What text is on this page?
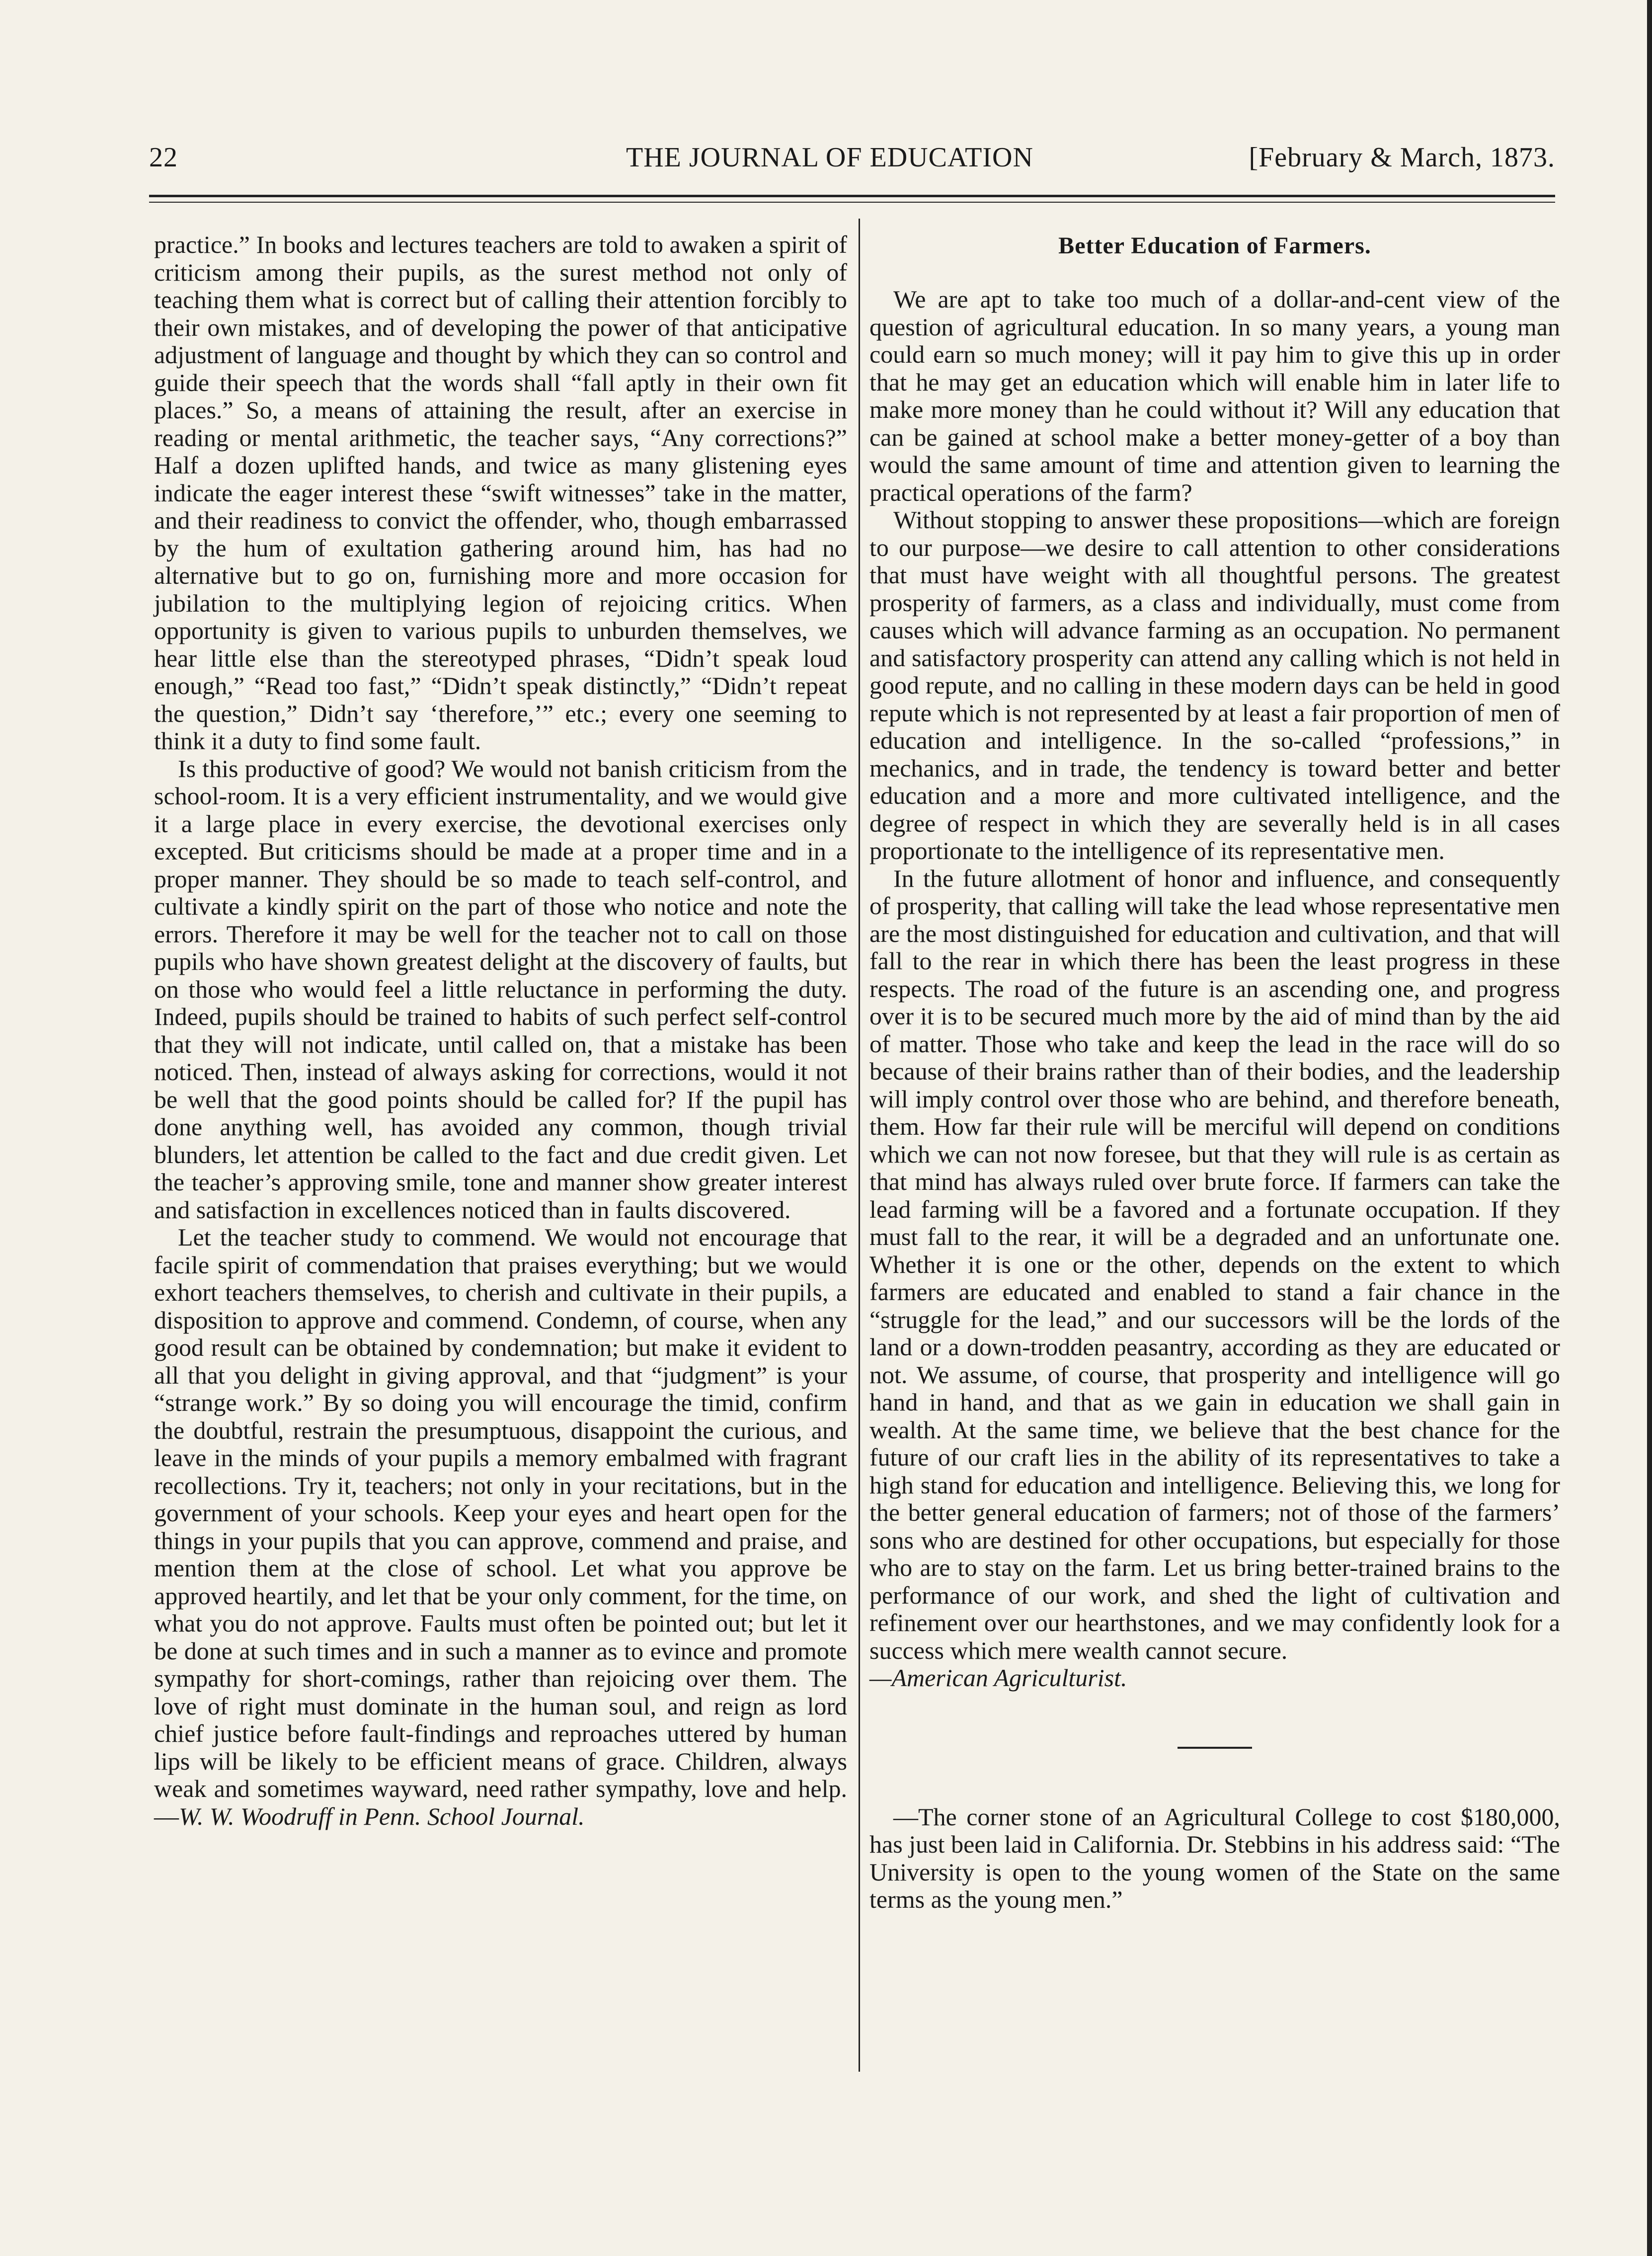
22	THE JOURNAL OF EDUCATION	[February & March, 1873.

practice.” In books and lectures teachers are told to awaken a spirit of criticism among their pupils, as the surest method not only of teaching them what is correct but of calling their attention forcibly to their own mistakes, and of developing the power of that anticipative adjustment of language and thought by which they can so control and guide their speech that the words shall “fall aptly in their own fit places.” So, a means of attaining the result, after an exercise in reading or mental arithmetic, the teacher says, “Any corrections?” Half a dozen uplifted hands, and twice as many glistening eyes indicate the eager interest these “swift witnesses” take in the matter, and their readiness to convict the offender, who, though embarrassed by the hum of exultation gathering around him, has had no alternative but to go on, furnishing more and more occasion for jubilation to the multiplying legion of rejoicing critics. When opportunity is given to various pupils to unburden themselves, we hear little else than the stereotyped phrases, “Didn’t speak loud enough,” “Read too fast,” “Didn’t speak distinctly,” “Didn’t repeat the question,” Didn’t say ‘therefore,’” etc.; every one seeming to think it a duty to find some fault.

Is this productive of good? We would not banish criticism from the school-room. It is a very efficient instrumentality, and we would give it a large place in every exercise, the devotional exercises only excepted. But criticisms should be made at a proper time and in a proper manner. They should be so made to teach self-control, and cultivate a kindly spirit on the part of those who notice and note the errors. Therefore it may be well for the teacher not to call on those pupils who have shown greatest delight at the discovery of faults, but on those who would feel a little reluctance in performing the duty. Indeed, pupils should be trained to habits of such perfect self-control that they will not indicate, until called on, that a mistake has been noticed. Then, instead of always asking for corrections, would it not be well that the good points should be called for? If the pupil has done anything well, has avoided any common, though trivial blunders, let attention be called to the fact and due credit given. Let the teacher’s approving smile, tone and manner show greater interest and satisfaction in excellences noticed than in faults discovered.

Let the teacher study to commend. We would not encourage that facile spirit of commendation that praises everything; but we would exhort teachers themselves, to cherish and cultivate in their pupils, a disposition to approve and commend. Condemn, of course, when any good result can be obtained by condemnation; but make it evident to all that you delight in giving approval, and that “judgment” is your “strange work.” By so doing you will encourage the timid, confirm the doubtful, restrain the presumptuous, disappoint the curious, and leave in the minds of your pupils a memory embalmed with fragrant recollections. Try it, teachers; not only in your recitations, but in the government of your schools. Keep your eyes and heart open for the things in your pupils that you can approve, commend and praise, and mention them at the close of school. Let what you approve be approved heartily, and let that be your only comment, for the time, on what you do not approve. Faults must often be pointed out; but let it be done at such times and in such a manner as to evince and promote sympathy for short-comings, rather than rejoicing over them. The love of right must dominate in the human soul, and reign as lord chief justice before fault-findings and reproaches uttered by human lips will be likely to be efficient means of grace. Children, always weak and sometimes wayward, need rather sympathy, love and help.—W. W. Woodruff in Penn. School Journal.

Better Education of Farmers.

We are apt to take too much of a dollar-and-cent view of the question of agricultural education. In so many years, a young man could earn so much money; will it pay him to give this up in order that he may get an education which will enable him in later life to make more money than he could without it? Will any education that can be gained at school make a better money-getter of a boy than would the same amount of time and attention given to learning the practical operations of the farm?

Without stopping to answer these propositions—which are foreign to our purpose—we desire to call attention to other considerations that must have weight with all thoughtful persons. The greatest prosperity of farmers, as a class and individually, must come from causes which will advance farming as an occupation. No permanent and satisfactory prosperity can attend any calling which is not held in good repute, and no calling in these modern days can be held in good repute which is not represented by at least a fair proportion of men of education and intelligence. In the so-called “professions,” in mechanics, and in trade, the tendency is toward better and better education and a more and more cultivated intelligence, and the degree of respect in which they are severally held is in all cases proportionate to the intelligence of its representative men.

In the future allotment of honor and influence, and consequently of prosperity, that calling will take the lead whose representative men are the most distinguished for education and cultivation, and that will fall to the rear in which there has been the least progress in these respects. The road of the future is an ascending one, and progress over it is to be secured much more by the aid of mind than by the aid of matter. Those who take and keep the lead in the race will do so because of their brains rather than of their bodies, and the leadership will imply control over those who are behind, and therefore beneath, them. How far their rule will be merciful will depend on conditions which we can not now foresee, but that they will rule is as certain as that mind has always ruled over brute force. If farmers can take the lead farming will be a favored and a fortunate occupation. If they must fall to the rear, it will be a degraded and an unfortunate one. Whether it is one or the other, depends on the extent to which farmers are educated and enabled to stand a fair chance in the “struggle for the lead,” and our successors will be the lords of the land or a down-trodden peasantry, according as they are educated or not. We assume, of course, that prosperity and intelligence will go hand in hand, and that as we gain in education we shall gain in wealth. At the same time, we believe that the best chance for the future of our craft lies in the ability of its representatives to take a high stand for education and intelligence. Believing this, we long for the better general education of farmers; not of those of the farmers’ sons who are destined for other occupations, but especially for those who are to stay on the farm. Let us bring better-trained brains to the performance of our work, and shed the light of cultivation and refinement over our hearthstones, and we may confidently look for a success which mere wealth cannot secure.

—American Agriculturist.

—The corner stone of an Agricultural College to cost $180,000, has just been laid in California. Dr. Stebbins in his address said: “The University is open to the young women of the State on the same terms as the young men.”
